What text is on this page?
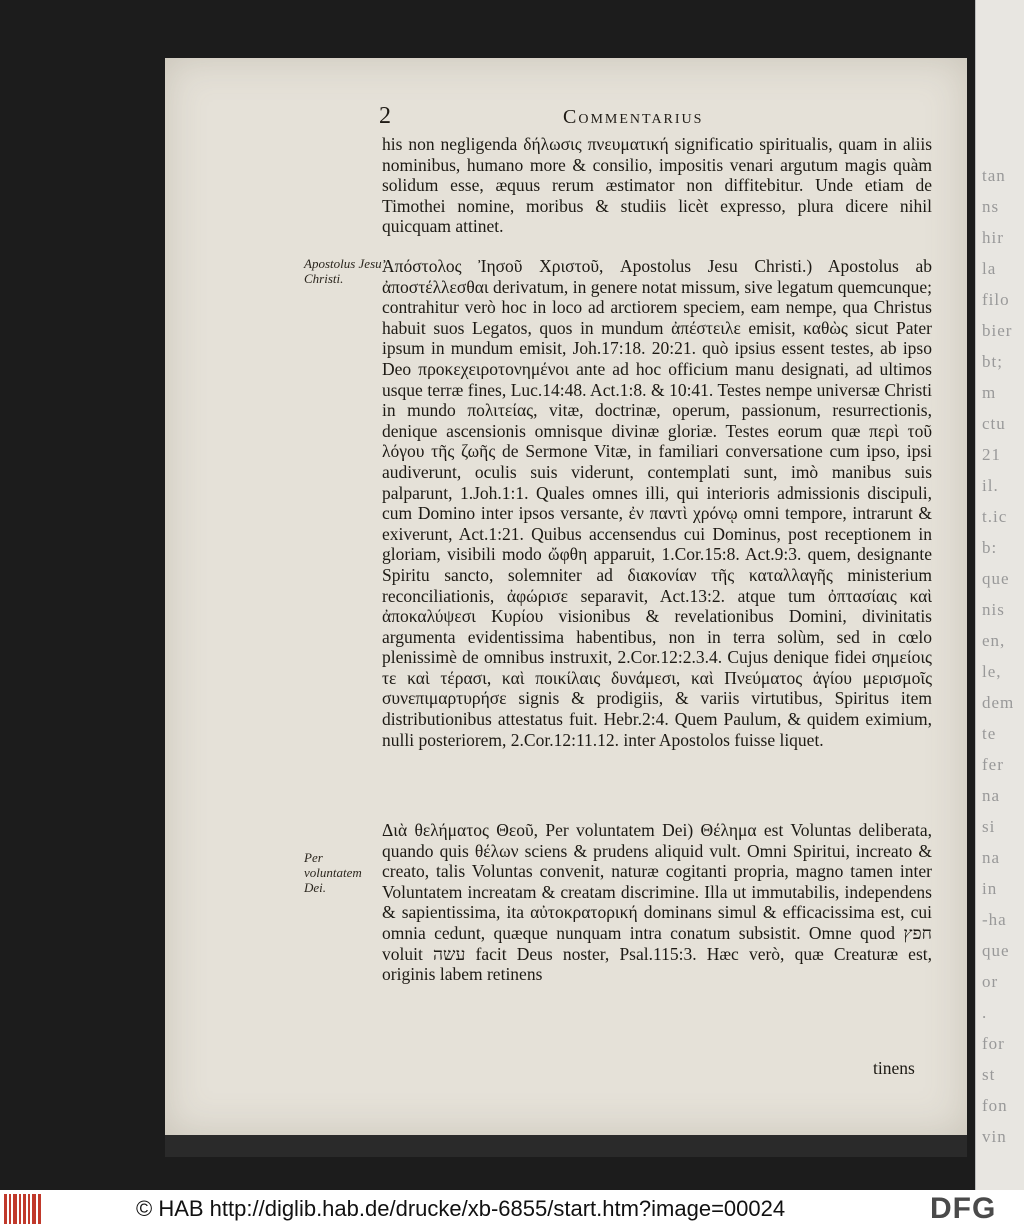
tan
ns
hir
la
filo
bier
bt;
m
ctu
21
il.
t.ic
b:
que
nis
en,
le,
dem
te
fer
na
si
na
in
-ha
que
or
.
for
st
fon
vin
2	Commentarius

his non negligenda δήλωσις πνευματική significatio spiritualis, quam in aliis nominibus, humano more & consilio, impositis venari argutum magis quàm solidum esse, æquus rerum æstimator non diffitebitur. Unde etiam de Timothei nomine, moribus & studiis licèt expresso, plura dicere nihil quicquam attinet.

Apostolus Jesu Christi.

Ἀπόστολος Ἰησοῦ Χριστοῦ, Apostolus Jesu Christi.) Apostolus ab ἀποστέλλεσθαι derivatum, in genere notat missum, sive legatum quemcunque; contrahitur verò hoc in loco ad arctiorem speciem, eam nempe, qua Christus habuit suos Legatos, quos in mundum ἀπέστειλε emisit, καθὼς sicut Pater ipsum in mundum emisit, Joh.17:18. 20:21. quò ipsius essent testes, ab ipso Deo προκεχειροτονημένοι ante ad hoc officium manu designati, ad ultimos usque terræ fines, Luc.14:48. Act.1:8. & 10:41. Testes nempe universæ Christi in mundo πολιτείας, vitæ, doctrinæ, operum, passionum, resurrectionis, denique ascensionis omnisque divinæ gloriæ. Testes eorum quæ περὶ τοῦ λόγου τῆς ζωῆς de Sermone Vitæ, in familiari conversatione cum ipso, ipsi audiverunt, oculis suis viderunt, contemplati sunt, imò manibus suis palparunt, 1.Joh.1:1. Quales omnes illi, qui interioris admissionis discipuli, cum Domino inter ipsos versante, ἐν παντὶ χρόνῳ omni tempore, intrarunt & exiverunt, Act.1:21. Quibus accensendus cui Dominus, post receptionem in gloriam, visibili modo ὤφθη apparuit, 1.Cor.15:8. Act.9:3. quem, designante Spiritu sancto, solemniter ad διακονίαν τῆς καταλλαγῆς ministerium reconciliationis, ἀφώρισε separavit, Act.13:2. atque tum ὀπτασίαις καὶ ἀποκαλύψεσι Κυρίου visionibus & revelationibus Domini, divinitatis argumenta evidentissima habentibus, non in terra solùm, sed in cœlo plenissimè de omnibus instruxit, 2.Cor.12:2.3.4. Cujus denique fidei σημείοις τε καὶ τέρασι, καὶ ποικίλαις δυνάμεσι, καὶ Πνεύματος ἁγίου μερισμοῖς συνεπιμαρτυρήσε signis & prodigiis, & variis virtutibus, Spiritus item distributionibus attestatus fuit. Hebr.2:4. Quem Paulum, & quidem eximium, nulli posteriorem, 2.Cor.12:11.12. inter Apostolos fuisse liquet.

Per voluntatem Dei.

Διὰ θελήματος Θεοῦ, Per voluntatem Dei) Θέλημα est Voluntas deliberata, quando quis θέλων sciens & prudens aliquid vult. Omni Spiritui, increato & creato, talis Voluntas convenit, naturæ cogitanti propria, magno tamen inter Voluntatem increatam & creatam discrimine. Illa ut immutabilis, independens & sapientissima, ita αὐτοκρατορική dominans simul & efficacissima est, cui omnia cedunt, quæque nunquam intra conatum subsistit. Omne quod חפץ voluit עשה facit Deus noster, Psal.115:3. Hæc verò, quæ Creaturæ est, originis labem retinens

tinens
© HAB http://diglib.hab.de/drucke/xb-6855/start.htm?image=00024	DFG
